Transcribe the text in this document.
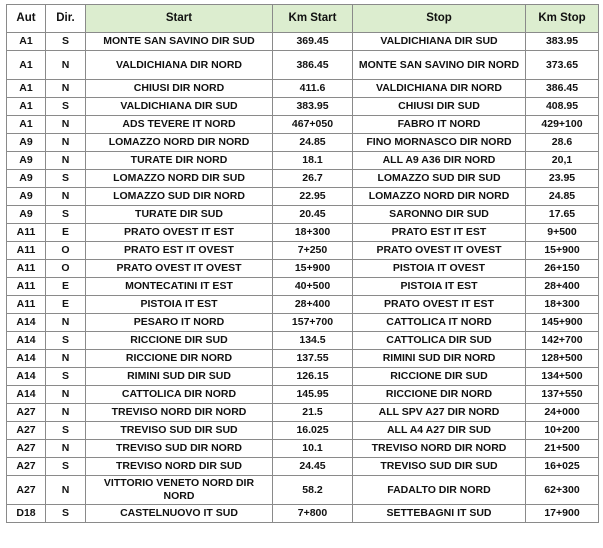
Aut	Dir.	Start	Km Start	Stop	Km Stop
A1	S	MONTE SAN SAVINO DIR SUD	369.45	VALDICHIANA DIR SUD	383.95
A1	N	VALDICHIANA DIR NORD	386.45	MONTE SAN SAVINO DIR NORD	373.65
A1	N	CHIUSI DIR NORD	411.6	VALDICHIANA DIR NORD	386.45
A1	S	VALDICHIANA DIR SUD	383.95	CHIUSI DIR SUD	408.95
A1	N	ADS TEVERE IT NORD	467+050	FABRO IT NORD	429+100
A9	N	LOMAZZO NORD DIR NORD	24.85	FINO MORNASCO DIR NORD	28.6
A9	N	TURATE DIR NORD	18.1	ALL A9 A36 DIR NORD	20,1
A9	S	LOMAZZO NORD DIR SUD	26.7	LOMAZZO SUD DIR SUD	23.95
A9	N	LOMAZZO SUD DIR NORD	22.95	LOMAZZO NORD DIR NORD	24.85
A9	S	TURATE DIR SUD	20.45	SARONNO DIR SUD	17.65
A11	E	PRATO OVEST IT EST	18+300	PRATO EST IT EST	9+500
A11	O	PRATO EST IT OVEST	7+250	PRATO OVEST IT OVEST	15+900
A11	O	PRATO OVEST IT OVEST	15+900	PISTOIA IT OVEST	26+150
A11	E	MONTECATINI IT EST	40+500	PISTOIA IT EST	28+400
A11	E	PISTOIA IT EST	28+400	PRATO OVEST IT EST	18+300
A14	N	PESARO IT NORD	157+700	CATTOLICA IT NORD	145+900
A14	S	RICCIONE DIR SUD	134.5	CATTOLICA DIR SUD	142+700
A14	N	RICCIONE DIR NORD	137.55	RIMINI SUD DIR NORD	128+500
A14	S	RIMINI SUD DIR SUD	126.15	RICCIONE DIR SUD	134+500
A14	N	CATTOLICA DIR NORD	145.95	RICCIONE DIR NORD	137+550
A27	N	TREVISO NORD DIR NORD	21.5	ALL SPV A27 DIR NORD	24+000
A27	S	TREVISO SUD DIR SUD	16.025	ALL A4 A27 DIR SUD	10+200
A27	N	TREVISO SUD DIR NORD	10.1	TREVISO NORD DIR NORD	21+500
A27	S	TREVISO NORD DIR SUD	24.45	TREVISO SUD DIR SUD	16+025
A27	N	VITTORIO VENETO NORD DIR NORD	58.2	FADALTO DIR NORD	62+300
D18	S	CASTELNUOVO IT SUD	7+800	SETTEBAGNI IT SUD	17+900
